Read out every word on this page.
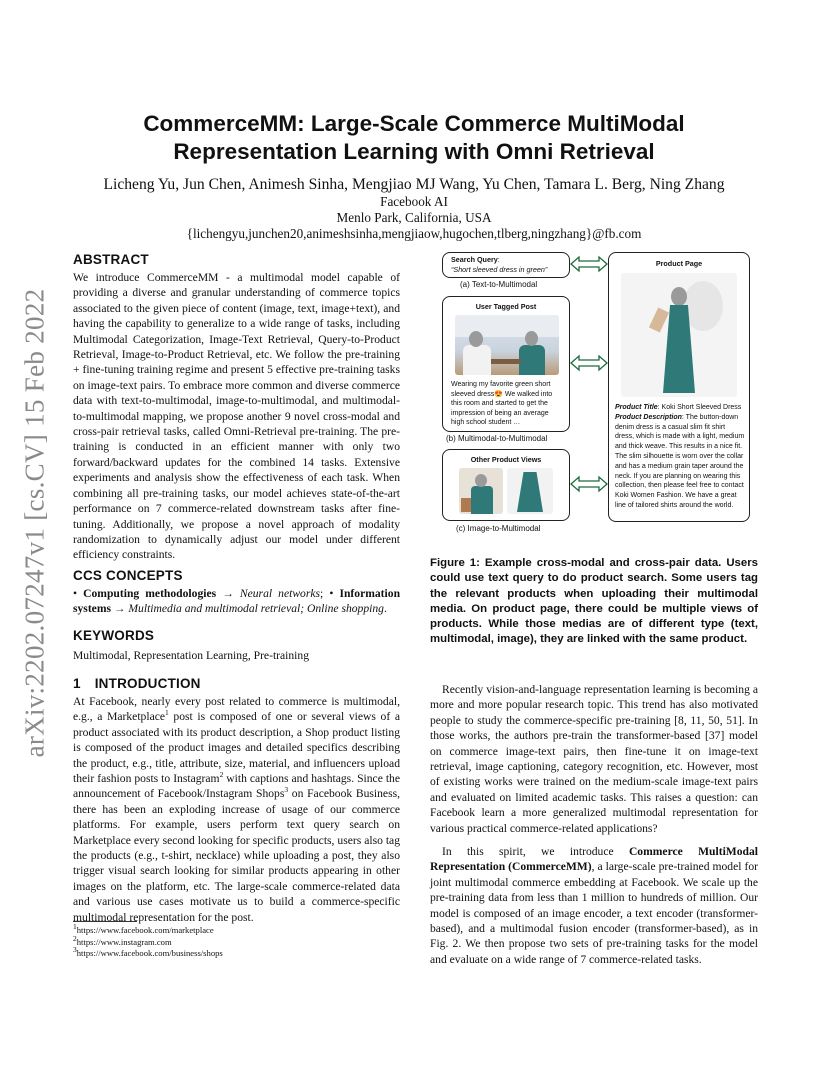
arXiv:2202.07247v1 [cs.CV] 15 Feb 2022
CommerceMM: Large-Scale Commerce MultiModal
Representation Learning with Omni Retrieval
Licheng Yu, Jun Chen, Animesh Sinha, Mengjiao MJ Wang, Yu Chen, Tamara L. Berg, Ning Zhang
Facebook AI
Menlo Park, California, USA
{lichengyu,junchen20,animeshsinha,mengjiaow,hugochen,tlberg,ningzhang}@fb.com
ABSTRACT
We introduce CommerceMM - a multimodal model capable of providing a diverse and granular understanding of commerce topics associated to the given piece of content (image, text, image+text), and having the capability to generalize to a wide range of tasks, including Multimodal Categorization, Image-Text Retrieval, Query-to-Product Retrieval, Image-to-Product Retrieval, etc. We follow the pre-training + fine-tuning training regime and present 5 effective pre-training tasks on image-text pairs. To embrace more common and diverse commerce data with text-to-multimodal, image-to-multimodal, and multimodal-to-multimodal mapping, we propose another 9 novel cross-modal and cross-pair retrieval tasks, called Omni-Retrieval pre-training. The pre-training is conducted in an efficient manner with only two forward/backward updates for the combined 14 tasks. Extensive experiments and analysis show the effectiveness of each task. When combining all pre-training tasks, our model achieves state-of-the-art performance on 7 commerce-related downstream tasks after fine-tuning. Additionally, we propose a novel approach of modality randomization to dynamically adjust our model under different efficiency constraints.
CCS CONCEPTS
• Computing methodologies → Neural networks; • Information systems → Multimedia and multimodal retrieval; Online shopping.
KEYWORDS
Multimodal, Representation Learning, Pre-training
1 INTRODUCTION
At Facebook, nearly every post related to commerce is multimodal, e.g., a Marketplace$^1$ post is composed of one or several views of a product associated with its product description, a Shop product listing is composed of the product images and detailed specifics describing the product, e.g., title, attribute, size, material, and influencers upload their fashion posts to Instagram$^2$ with captions and hashtags. Since the announcement of Facebook/Instagram Shops$^3$ on Facebook Business, there has been an exploding increase of usage of our commerce platforms. For example, users perform text query search on Marketplace every second looking for specific products, users also tag the products (e.g., t-shirt, necklace) while uploading a post, they also trigger visual search looking for similar products appearing in other images on the platform, etc. The large-scale commerce-related data and various use cases motivate us to build a commerce-specific multimodal representation for the post.
$^1$https://www.facebook.com/marketplace
$^2$https://www.instagram.com
$^3$https://www.facebook.com/business/shops
Search Query:
“Short sleeved dress in green”
(a) Text-to-Multimodal
User Tagged Post
Wearing my favorite green short sleeved dress😍 We walked into this room and started to get the impression of being an average high school student …
(b) Multimodal-to-Multimodal
Other Product Views
(c) Image-to-Multimodal
Product Page
Product Title: Koki Short Sleeved Dress
Product Description: The button-down denim dress is a casual slim fit shirt dress, which is made with a light, medium and thick weave. This results in a nice fit. The slim silhouette is worn over the collar and has a medium grain taper around the neck. If you are planning on wearing this collection, then please feel free to contact Koki Women Fashion. We have a great line of tailored shirts around the world.
Figure 1: Example cross-modal and cross-pair data. Users could use text query to do product search. Some users tag the relevant products when uploading their multimodal media. On product page, there could be multiple views of products. While those medias are of different type (text, multimodal, image), they are linked with the same product.
Recently vision-and-language representation learning is becoming a more and more popular research topic. This trend has also motivated people to study the commerce-specific pre-training [8, 11, 50, 51]. In those works, the authors pre-train the transformer-based [37] model on commerce image-text pairs, then fine-tune it on image-text retrieval, image captioning, category recognition, etc. However, most of existing works were trained on the medium-scale image-text pairs and evaluated on limited academic tasks. This raises a question: can Facebook learn a more generalized multimodal representation for various practical commerce-related applications?
In this spirit, we introduce Commerce MultiModal Representation (CommerceMM), a large-scale pre-trained model for joint multimodal commerce embedding at Facebook. We scale up the pre-training data from less than 1 million to hundreds of million. Our model is composed of an image encoder, a text encoder (transformer-based), and a multimodal fusion encoder (transformer-based), as in Fig. 2. We then propose two sets of pre-training tasks for the model and evaluate on a wide range of 7 commerce-related tasks.
